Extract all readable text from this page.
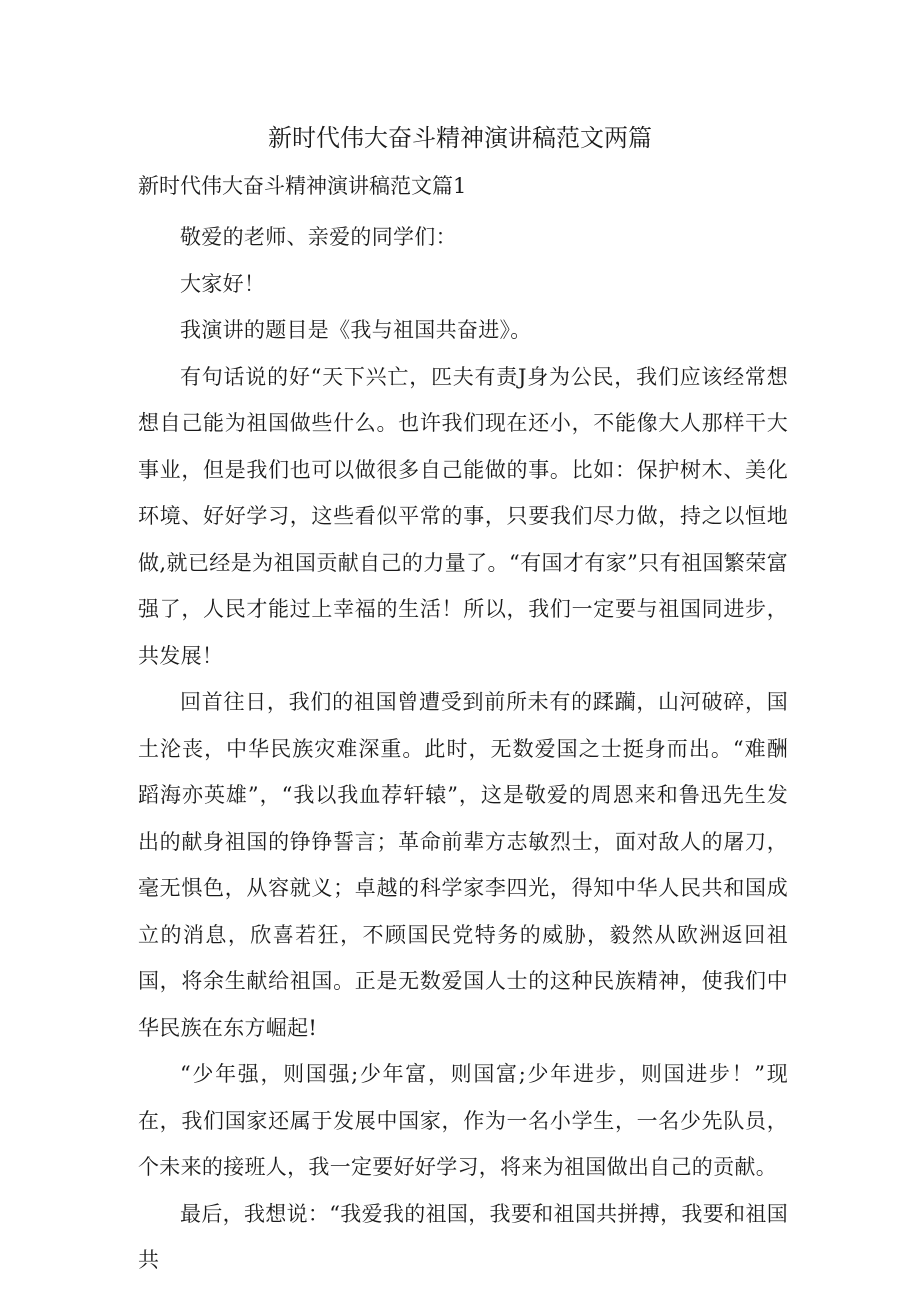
新时代伟大奋斗精神演讲稿范文两篇
新时代伟大奋斗精神演讲稿范文篇1

敬爱的老师、亲爱的同学们：

大家好！

我演讲的题目是《我与祖国共奋进》。

有句话说的好“天下兴亡，匹夫有责J身为公民，我们应该经常想想自己能为祖国做些什么。也许我们现在还小，不能像大人那样干大事业，但是我们也可以做很多自己能做的事。比如：保护树木、美化环境、好好学习，这些看似平常的事，只要我们尽力做，持之以恒地做,就已经是为祖国贡献自己的力量了。“有国才有家”只有祖国繁荣富强了，人民才能过上幸福的生活！所以，我们一定要与祖国同进步，共发展！

回首往日，我们的祖国曾遭受到前所未有的蹂躏，山河破碎，国土沦丧，中华民族灾难深重。此时，无数爱国之士挺身而出。“难酬蹈海亦英雄”，“我以我血荐轩辕”，这是敬爱的周恩来和鲁迅先生发出的献身祖国的铮铮誓言；革命前辈方志敏烈士，面对敌人的屠刀，毫无惧色，从容就义；卓越的科学家李四光，得知中华人民共和国成立的消息，欣喜若狂，不顾国民党特务的威胁，毅然从欧洲返回祖国，将余生献给祖国。正是无数爱国人士的这种民族精神，使我们中华民族在东方崛起!

“少年强，则国强;少年富，则国富;少年进步，则国进步！”现在，我们国家还属于发展中国家，作为一名小学生，一名少先队员，个未来的接班人，我一定要好好学习，将来为祖国做出自己的贡献。

最后，我想说：“我爱我的祖国，我要和祖国共拼搏，我要和祖国共
